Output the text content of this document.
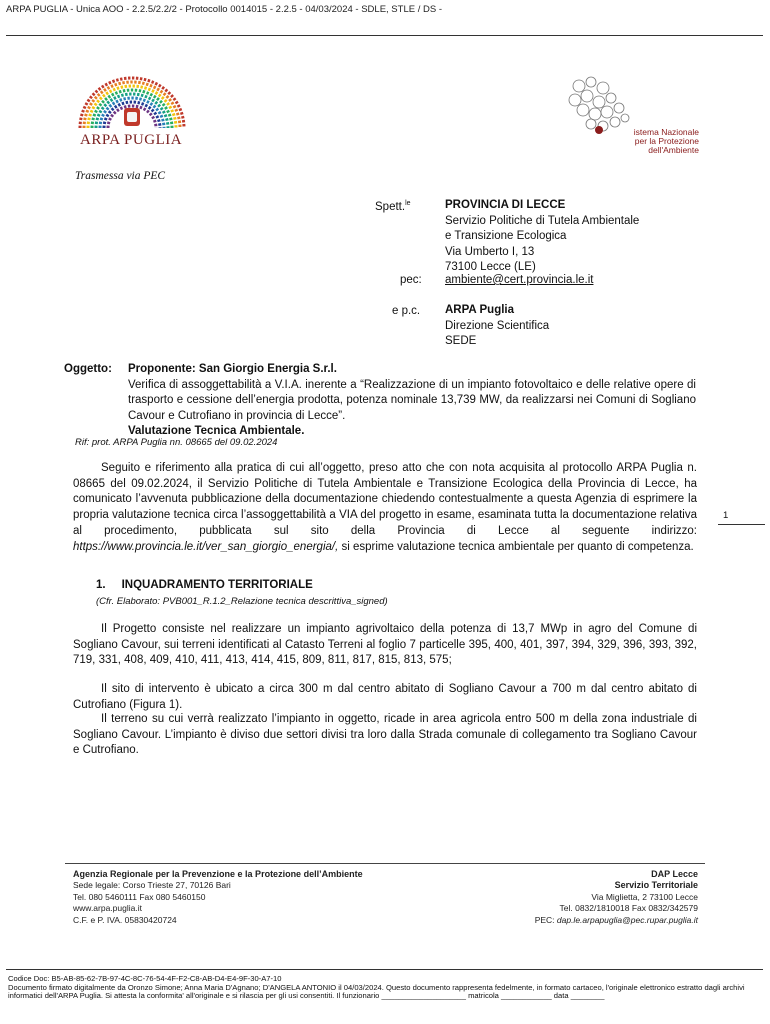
ARPA PUGLIA - Unica AOO - 2.2.5/2.2/2 - Protocollo 0014015 - 2.2.5 - 04/03/2024 - SDLE, STLE / DS -
ARPA PUGLIA	istema Nazionale
per la Protezione
dell'Ambiente
Trasmessa via PEC
Spett.$^{le}$	PROVINCIA DI LECCE
Servizio Politiche di Tutela Ambientale
e Transizione Ecologica
Via Umberto I, 13
73100 Lecce (LE)
pec: ambiente@cert.provincia.le.it
e p.c. ARPA Puglia
Direzione Scientifica
SEDE
Oggetto: Proponente: San Giorgio Energia S.r.l.
Verifica di assoggettabilità a V.I.A. inerente a “Realizzazione di un impianto fotovoltaico e delle relative opere di trasporto e cessione dell’energia prodotta, potenza nominale 13,739 MW, da realizzarsi nei Comuni di Sogliano Cavour e Cutrofiano in provincia di Lecce”.
Valutazione Tecnica Ambientale.
Rif: prot. ARPA Puglia nn. 08665 del 09.02.2024
Seguito e riferimento alla pratica di cui all’oggetto, preso atto che con nota acquisita al protocollo ARPA Puglia n. 08665 del 09.02.2024, il Servizio Politiche di Tutela Ambientale e Transizione Ecologica della Provincia di Lecce, ha comunicato l’avvenuta pubblicazione della documentazione chiedendo contestualmente a questa Agenzia di esprimere la propria valutazione tecnica circa l’assoggettabilità a VIA del progetto in esame, esaminata tutta la documentazione relativa al procedimento, pubblicata sul sito della Provincia di Lecce al seguente indirizzo: https://www.provincia.le.it/ver_san_giorgio_energia/, si esprime valutazione tecnica ambientale per quanto di competenza.
1
1.     INQUADRAMENTO TERRITORIALE
(Cfr. Elaborato: PVB001_R.1.2_Relazione tecnica descrittiva_signed)
Il Progetto consiste nel realizzare un impianto agrivoltaico della potenza di 13,7 MWp in agro del Comune di Sogliano Cavour, sui terreni identificati al Catasto Terreni al foglio 7 particelle 395, 400, 401, 397, 394, 329, 396, 393, 392, 719, 331, 408, 409, 410, 411, 413, 414, 415, 809, 811, 817, 815, 813, 575;
Il sito di intervento è ubicato a circa 300 m dal centro abitato di Sogliano Cavour a 700 m dal centro abitato di Cutrofiano (Figura 1).
Il terreno su cui verrà realizzato l’impianto in oggetto, ricade in area agricola entro 500 m della zona industriale di Sogliano Cavour. L’impianto è diviso due settori divisi tra loro dalla Strada comunale di collegamento tra Sogliano Cavour e Cutrofiano.
Agenzia Regionale per la Prevenzione e la Protezione dell’Ambiente
Sede legale: Corso Trieste 27, 70126 Bari
Tel. 080 5460111 Fax 080 5460150
www.arpa.puglia.it
C.F. e P. IVA. 05830420724
DAP Lecce
Servizio Territoriale
Via Miglietta, 2 73100 Lecce
Tel. 0832/1810018 Fax 0832/342579
PEC: dap.le.arpapuglia@pec.rupar.puglia.it
Codice Doc: B5-AB-85-62-7B-97-4C-8C-76-54-4F-F2-C8-AB-D4-E4-9F-30-A7-10
Documento firmato digitalmente da Oronzo Simone; Anna Maria D'Agnano; D'ANGELA ANTONIO il 04/03/2024. Questo documento rappresenta fedelmente, in formato cartaceo, l'originale elettronico estratto dagli archivi informatici dell'ARPA Puglia. Si attesta la conformita' all'originale e si rilascia per gli usi consentiti. Il funzionario ____________________ matricola ____________ data ________
